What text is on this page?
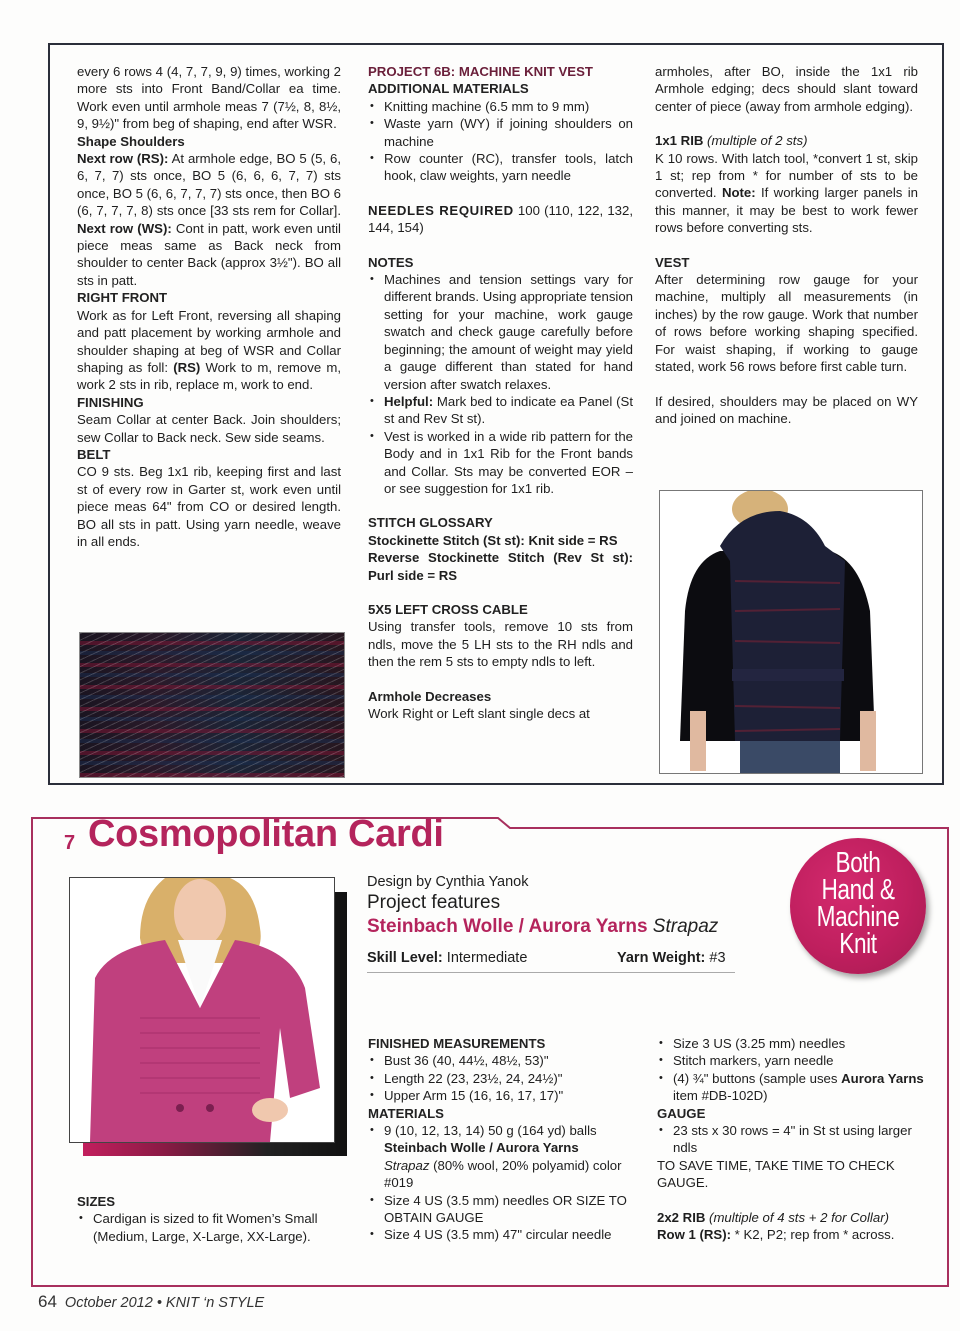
every 6 rows 4 (4, 7, 7, 9, 9) times, working 2 more sts into Front Band/Collar ea time. Work even until armhole meas 7 (7½, 8, 8½, 9, 9½)" from beg of shaping, end after WSR.
Shape Shoulders
Next row (RS): At armhole edge, BO 5 (5, 6, 6, 7, 7) sts once, BO 5 (6, 6, 6, 7, 7) sts once, BO 5 (6, 6, 7, 7, 7) sts once, then BO 6 (6, 7, 7, 7, 8) sts once [33 sts rem for Collar]. Next row (WS): Cont in patt, work even until piece meas same as Back neck from shoulder to center Back (approx 3½"). BO all sts in patt.
RIGHT FRONT
Work as for Left Front, reversing all shaping and patt placement by working armhole and shoulder shaping at beg of WSR and Collar shaping as foll: (RS) Work to m, remove m, work 2 sts in rib, replace m, work to end.
FINISHING
Seam Collar at center Back. Join shoulders; sew Collar to Back neck. Sew side seams.
BELT
CO 9 sts. Beg 1x1 rib, keeping first and last st of every row in Garter st, work even until piece meas 64" from CO or desired length. BO all sts in patt. Using yarn needle, weave in all ends.
PROJECT 6B: MACHINE KNIT VEST
ADDITIONAL MATERIALS
• Knitting machine (6.5 mm to 9 mm)
• Waste yarn (WY) if joining shoulders on machine
• Row counter (RC), transfer tools, latch hook, claw weights, yarn needle
NEEDLES REQUIRED 100 (110, 122, 132, 144, 154)
NOTES
• Machines and tension settings vary for different brands. Using appropriate tension setting for your machine, work gauge swatch and check gauge carefully before beginning; the amount of weight may yield a gauge different than stated for hand version after swatch relaxes.
• Helpful: Mark bed to indicate ea Panel (St st and Rev St st).
• Vest is worked in a wide rib pattern for the Body and in 1x1 Rib for the Front bands and Collar. Sts may be converted EOR – or see suggestion for 1x1 rib.
STITCH GLOSSARY
Stockinette Stitch (St st): Knit side = RS
Reverse Stockinette Stitch (Rev St st): Purl side = RS
5X5 LEFT CROSS CABLE
Using transfer tools, remove 10 sts from ndls, move the 5 LH sts to the RH ndls and then the rem 5 sts to empty ndls to left.
Armhole Decreases
Work Right or Left slant single decs at
armholes, after BO, inside the 1x1 rib Armhole edging; decs should slant toward center of piece (away from armhole edging).
1x1 RIB (multiple of 2 sts)
K 10 rows. With latch tool, *convert 1 st, skip 1 st; rep from * for number of sts to be converted. Note: If working larger panels in this manner, it may be best to work fewer rows before converting sts.
VEST
After determining row gauge for your machine, multiply all measurements (in inches) by the row gauge. Work that number of rows before working shaping specified. For waist shaping, if working to gauge stated, work 56 rows before first cable turn.
If desired, shoulders may be placed on WY and joined on machine.
7 Cosmopolitan Cardi
Design by Cynthia Yanok
Project features
Steinbach Wolle / Aurora Yarns Strapaz
Skill Level: Intermediate	Yarn Weight: #3
Both
Hand &
Machine
Knit
SIZES
• Cardigan is sized to fit Women’s Small (Medium, Large, X-Large, XX-Large).
FINISHED MEASUREMENTS
• Bust 36 (40, 44½, 48½, 53)"
• Length 22 (23, 23½, 24, 24½)"
• Upper Arm 15 (16, 16, 17, 17)"
MATERIALS
• 9 (10, 12, 13, 14) 50 g (164 yd) balls Steinbach Wolle / Aurora Yarns
Strapaz (80% wool, 20% polyamid) color #019
• Size 4 US (3.5 mm) needles OR SIZE TO OBTAIN GAUGE
• Size 4 US (3.5 mm) 47" circular needle
• Size 3 US (3.25 mm) needles
• Stitch markers, yarn needle
• (4) ¾" buttons (sample uses Aurora Yarns item #DB-102D)
GAUGE
• 23 sts x 30 rows = 4" in St st using larger ndls
TO SAVE TIME, TAKE TIME TO CHECK GAUGE.
2x2 RIB (multiple of 4 sts + 2 for Collar)
Row 1 (RS): * K2, P2; rep from * across.
64 October 2012 • KNIT ‘n STYLE
